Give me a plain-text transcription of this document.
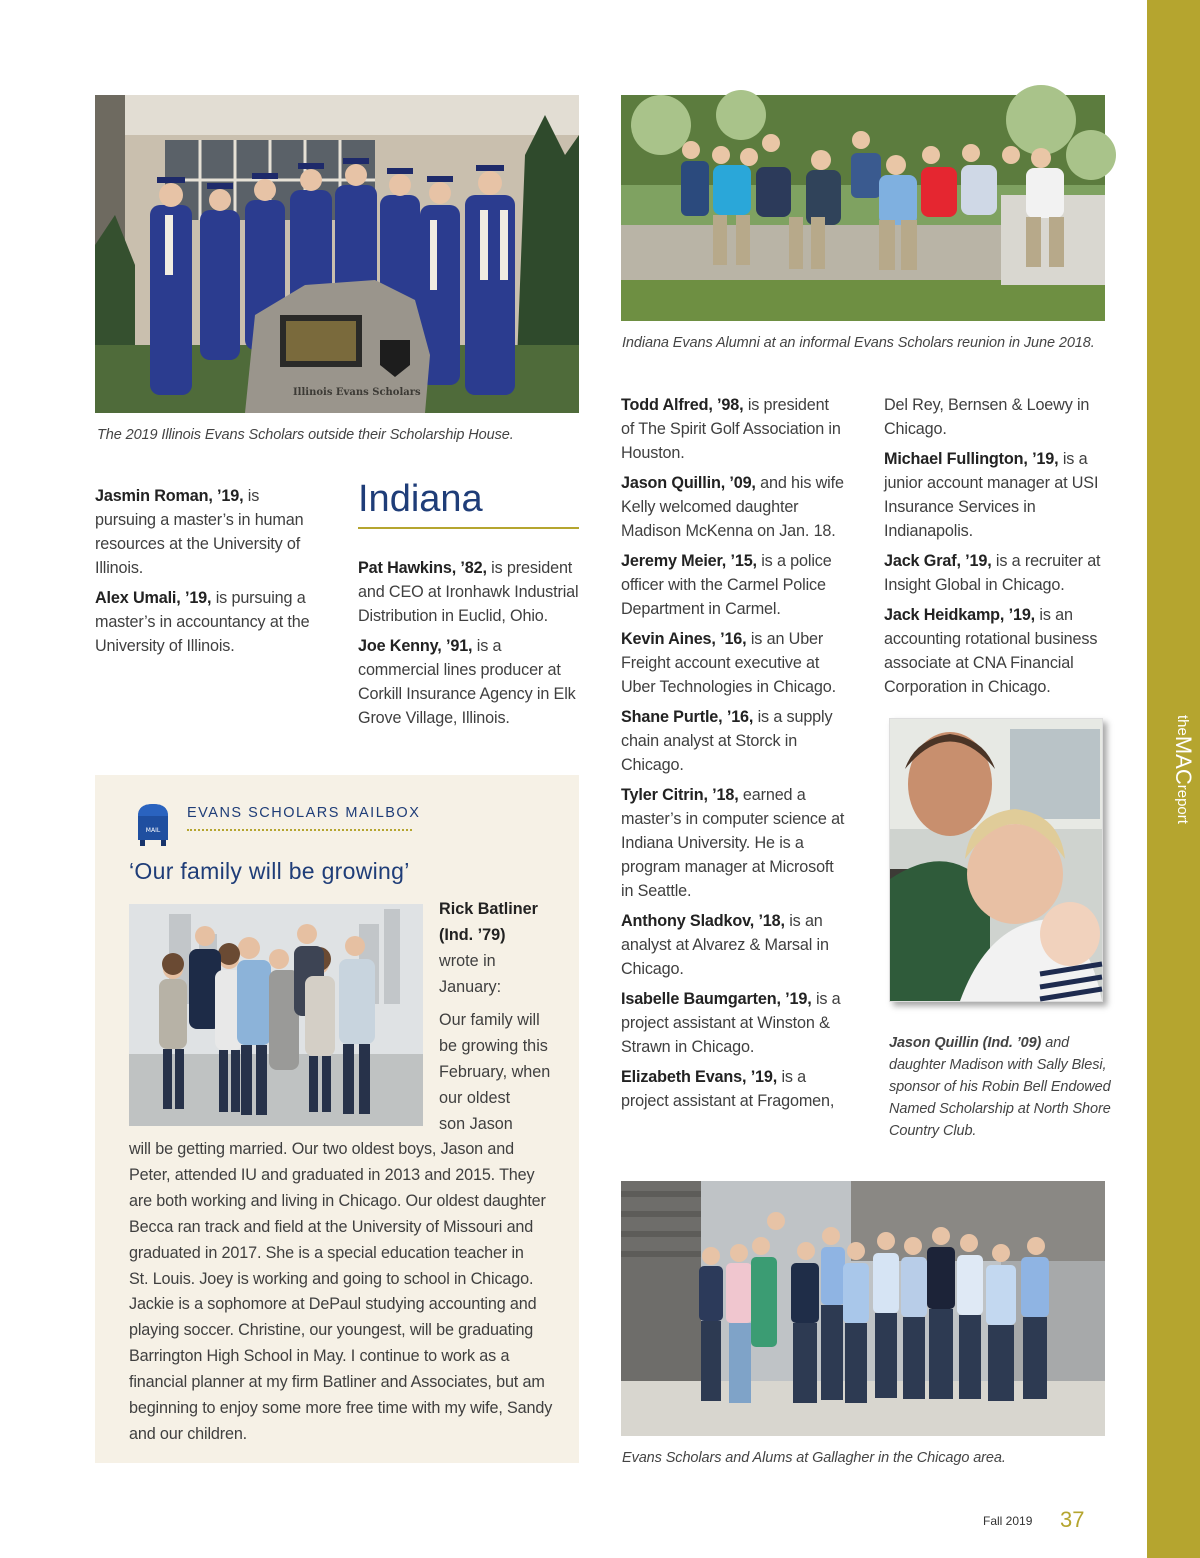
Illinois Evans Scholars
The 2019 Illinois Evans Scholars outside their Scholarship House.
Indiana Evans Alumni at an informal Evans Scholars reunion in June 2018.

Jasmin Roman, ’19, is pursuing a master’s in human resources at the University of Illinois.

Alex Umali, ’19, is pursuing a master’s in accountancy at the University of Illinois.

Indiana

Pat Hawkins, ’82, is president and CEO at Ironhawk Industrial Distribution in Euclid, Ohio.

Joe Kenny, ’91, is a commercial lines producer at Corkill Insurance Agency in Elk Grove Village, Illinois.

Todd Alfred, ’98, is president of The Spirit Golf Association in Houston.

Jason Quillin, ’09, and his wife Kelly welcomed daughter Madison McKenna on Jan. 18.

Jeremy Meier, ’15, is a police officer with the Carmel Police Department in Carmel.

Kevin Aines, ’16, is an Uber Freight account executive at Uber Technologies in Chicago.

Shane Purtle, ’16, is a supply chain analyst at Storck in Chicago.

Tyler Citrin, ’18, earned a master’s in computer science at Indiana University. He is a program manager at Microsoft in Seattle.

Anthony Sladkov, ’18, is an analyst at Alvarez & Marsal in Chicago.

Isabelle Baumgarten, ’19, is a project assistant at Winston & Strawn in Chicago.

Elizabeth Evans, ’19, is a project assistant at Fragomen,

Del Rey, Bernsen & Loewy in Chicago.

Michael Fullington, ’19, is a junior account manager at USI Insurance Services in Indianapolis.

Jack Graf, ’19, is a recruiter at Insight Global in Chicago.

Jack Heidkamp, ’19, is an accounting rotational business associate at CNA Financial Corporation in Chicago.

Jason Quillin (Ind. ’09) and daughter Madison with Sally Blesi, sponsor of his Robin Bell Endowed Named Scholarship at North Shore Country Club.
Evans Scholars and Alums at Gallagher in the Chicago area.
MAIL
EVANS SCHOLARS MAILBOX
‘Our family will be growing’
Rick Batliner
(Ind. ’79)
wrote in
January:
Our family will
be growing this
February, when
our oldest
son Jason
will be getting married. Our two oldest boys, Jason and
Peter, attended IU and graduated in 2013 and 2015. They
are both working and living in Chicago. Our oldest daughter
Becca ran track and field at the University of Missouri and
graduated in 2017. She is a special education teacher in
St. Louis. Joey is working and going to school in Chicago.
Jackie is a sophomore at DePaul studying accounting and
playing soccer. Christine, our youngest, will be graduating
Barrington High School in May. I continue to work as a
financial planner at my firm Batliner and Associates, but am
beginning to enjoy some more free time with my wife, Sandy
and our children.
theMACreport
Fall 2019 37
